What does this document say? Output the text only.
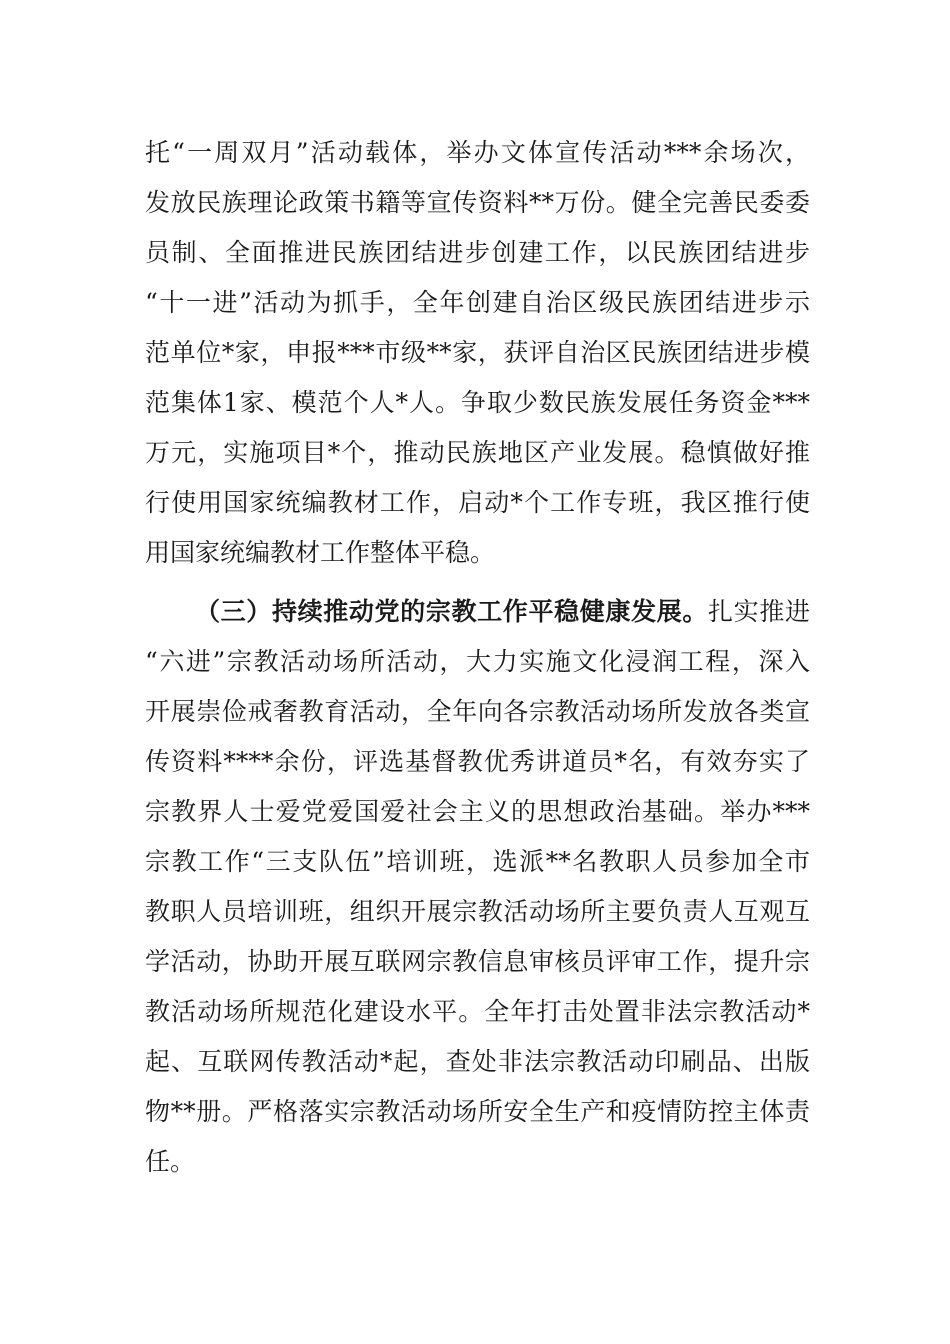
托“一周双月”活动载体，举办文体宣传活动***余场次，
发放民族理论政策书籍等宣传资料**万份。健全完善民委委
员制、全面推进民族团结进步创建工作，以民族团结进步
“十一进”活动为抓手，全年创建自治区级民族团结进步示
范单位*家，申报***市级**家，获评自治区民族团结进步模
范集体1家、模范个人*人。争取少数民族发展任务资金***
万元，实施项目*个，推动民族地区产业发展。稳慎做好推
行使用国家统编教材工作，启动*个工作专班，我区推行使
用国家统编教材工作整体平稳。
（三）持续推动党的宗教工作平稳健康发展。扎实推进
“六进”宗教活动场所活动，大力实施文化浸润工程，深入
开展崇俭戒奢教育活动，全年向各宗教活动场所发放各类宣
传资料****余份，评选基督教优秀讲道员*名，有效夯实了
宗教界人士爱党爱国爱社会主义的思想政治基础。举办***
宗教工作“三支队伍”培训班，选派**名教职人员参加全市
教职人员培训班，组织开展宗教活动场所主要负责人互观互
学活动，协助开展互联网宗教信息审核员评审工作，提升宗
教活动场所规范化建设水平。全年打击处置非法宗教活动*
起、互联网传教活动*起，查处非法宗教活动印刷品、出版
物**册。严格落实宗教活动场所安全生产和疫情防控主体责
任。
